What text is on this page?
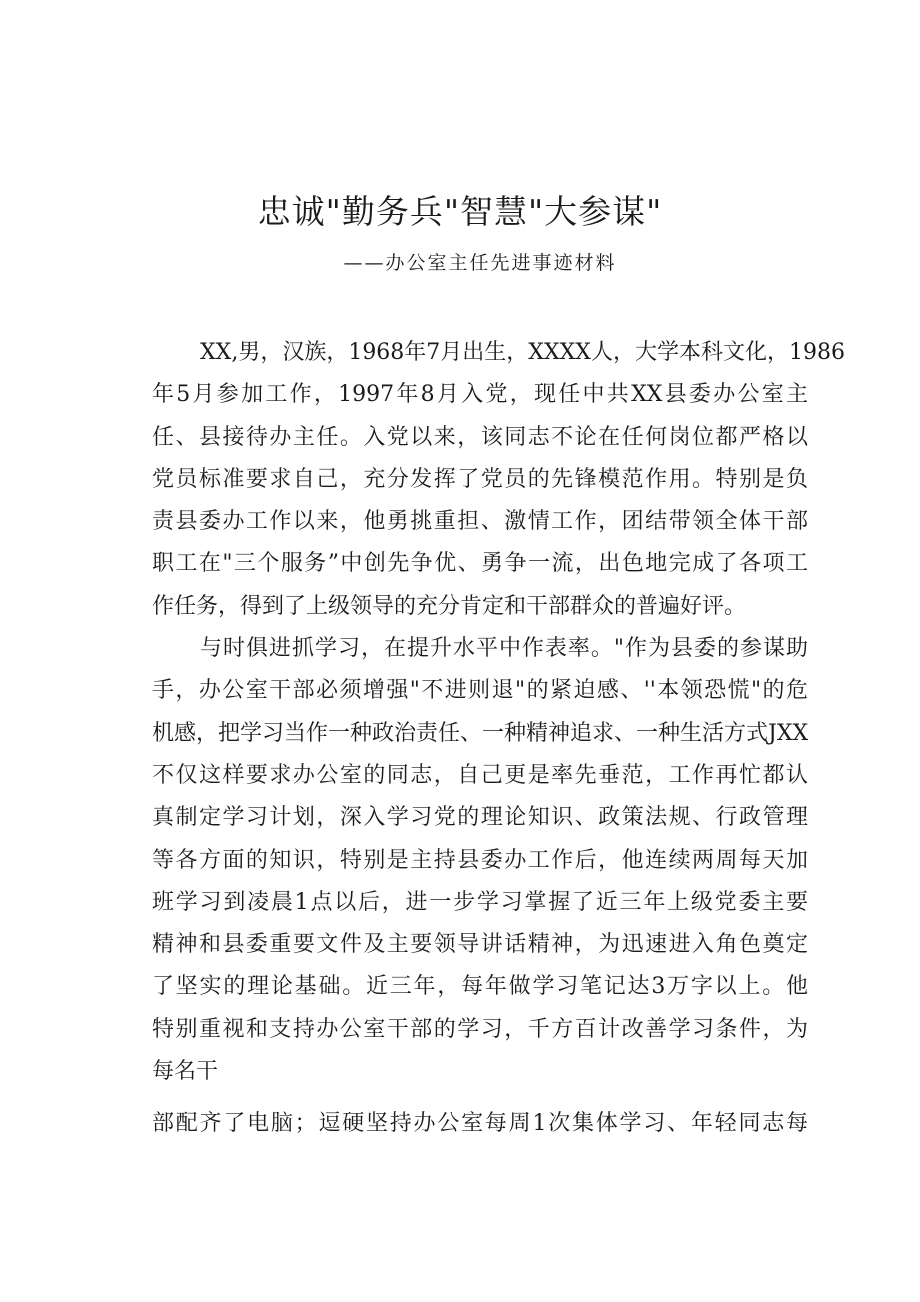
忠诚"勤务兵"智慧"大参谋"
——办公室主任先进事迹材料
XX,男，汉族，1968年7月出生，XXXX人，大学本科文化，1986
年5月参加工作，1997年8月入党，现任中共XX县委办公室主
任、县接待办主任。入党以来，该同志不论在任何岗位都严格以
党员标准要求自己，充分发挥了党员的先锋模范作用。特别是负
责县委办工作以来，他勇挑重担、激情工作，团结带领全体干部
职工在"三个服务”中创先争优、勇争一流，出色地完成了各项工
作任务，得到了上级领导的充分肯定和干部群众的普遍好评。
与时俱进抓学习，在提升水平中作表率。"作为县委的参谋助
手，办公室干部必须增强"不进则退"的紧迫感、''本领恐慌"的危
机感，把学习当作一种政治责任、一种精神追求、一种生活方式JXX
不仅这样要求办公室的同志，自己更是率先垂范，工作再忙都认
真制定学习计划，深入学习党的理论知识、政策法规、行政管理
等各方面的知识，特别是主持县委办工作后，他连续两周每天加
班学习到凌晨1点以后，进一步学习掌握了近三年上级党委主要
精神和县委重要文件及主要领导讲话精神，为迅速进入角色奠定
了坚实的理论基础。近三年，每年做学习笔记达3万字以上。他
特别重视和支持办公室干部的学习，千方百计改善学习条件，为
每名干
部配齐了电脑；逗硬坚持办公室每周1次集体学习、年轻同志每
